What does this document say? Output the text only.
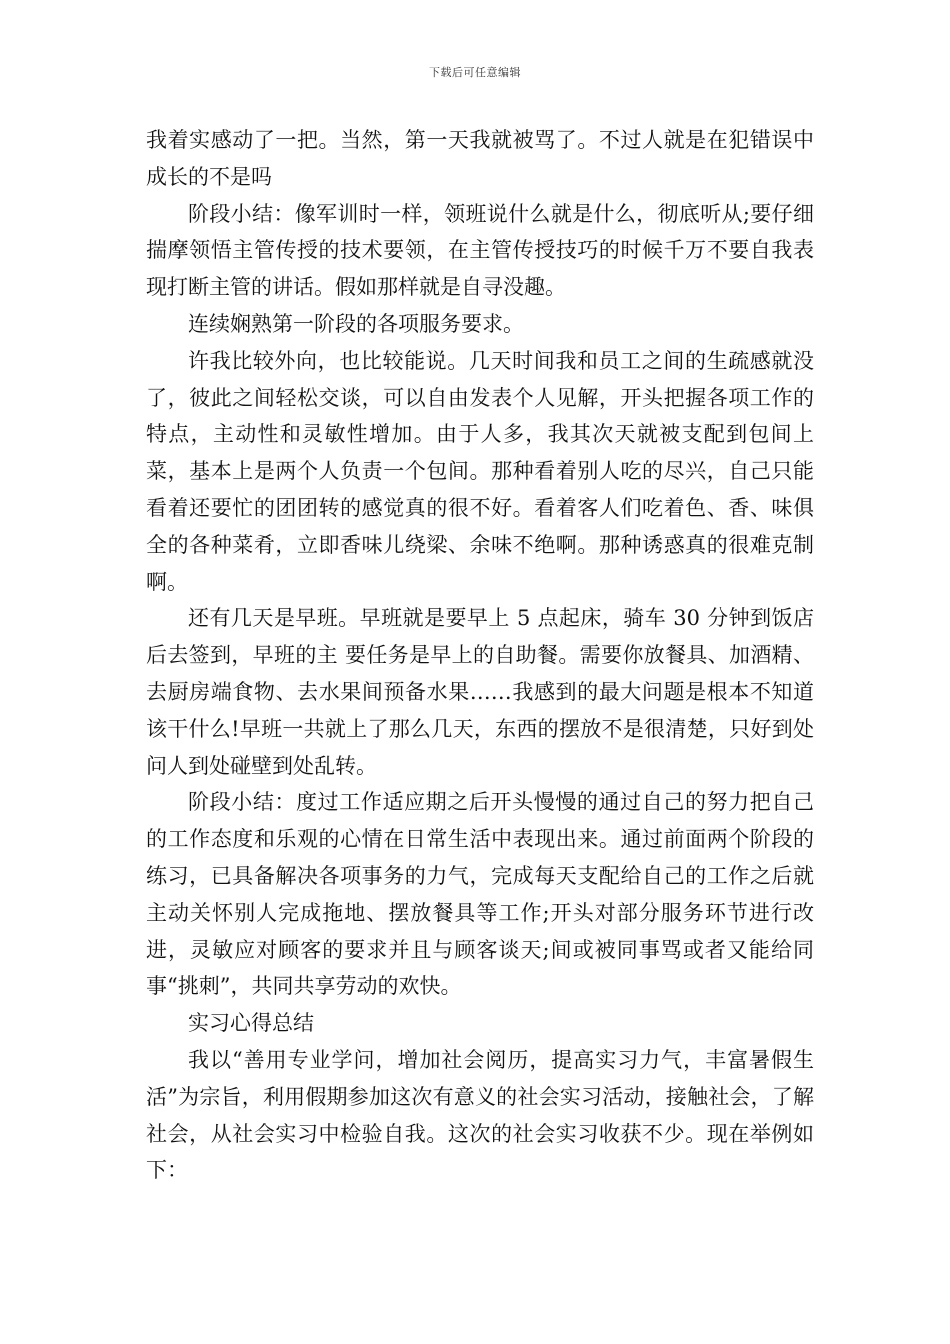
下载后可任意编辑

我着实感动了一把。当然，第一天我就被骂了。不过人就是在犯错误中成长的不是吗

阶段小结：像军训时一样，领班说什么就是什么，彻底听从;要仔细揣摩领悟主管传授的技术要领，在主管传授技巧的时候千万不要自我表现打断主管的讲话。假如那样就是自寻没趣。

连续娴熟第一阶段的各项服务要求。

许我比较外向，也比较能说。几天时间我和员工之间的生疏感就没了，彼此之间轻松交谈，可以自由发表个人见解，开头把握各项工作的特点，主动性和灵敏性增加。由于人多，我其次天就被支配到包间上菜，基本上是两个人负责一个包间。那种看着别人吃的尽兴，自己只能看着还要忙的团团转的感觉真的很不好。看着客人们吃着色、香、味俱全的各种菜肴，立即香味儿绕梁、余味不绝啊。那种诱惑真的很难克制啊。

还有几天是早班。早班就是要早上 5 点起床，骑车 30 分钟到饭店后去签到，早班的主 要任务是早上的自助餐。需要你放餐具、加酒精、去厨房端食物、去水果间预备水果……我感到的最大问题是根本不知道该干什么!早班一共就上了那么几天，东西的摆放不是很清楚，只好到处问人到处碰壁到处乱转。

阶段小结：度过工作适应期之后开头慢慢的通过自己的努力把自己的工作态度和乐观的心情在日常生活中表现出来。通过前面两个阶段的练习，已具备解决各项事务的力气，完成每天支配给自己的工作之后就主动关怀别人完成拖地、摆放餐具等工作;开头对部分服务环节进行改进，灵敏应对顾客的要求并且与顾客谈天;间或被同事骂或者又能给同事“挑刺”，共同共享劳动的欢快。

实习心得总结

我以“善用专业学问，增加社会阅历，提高实习力气，丰富暑假生活”为宗旨，利用假期参加这次有意义的社会实习活动，接触社会，了解社会，从社会实习中检验自我。这次的社会实习收获不少。现在举例如下：
